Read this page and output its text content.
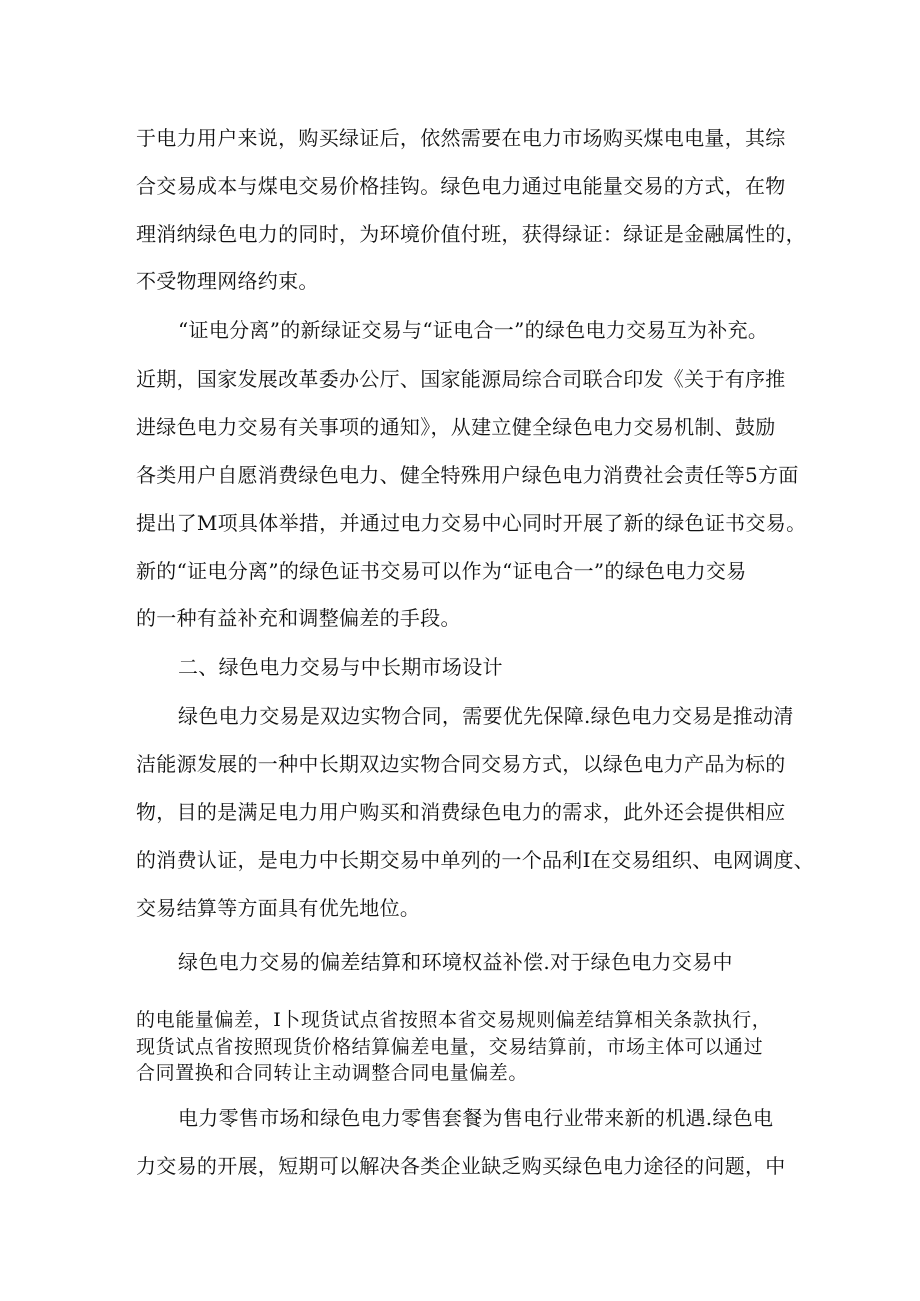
于电力用户来说，购买绿证后，依然需要在电力市场购买煤电电量，其综
合交易成本与煤电交易价格挂钩。绿色电力通过电能量交易的方式，在物
理消纳绿色电力的同时，为环境价值付班，获得绿证：绿证是金融属性的，
不受物理网络约束。
“证电分离”的新绿证交易与“证电合一”的绿色电力交易互为补充。
近期，国家发展改革委办公厅、国家能源局综合司联合印发《关于有序推
进绿色电力交易有关事项的通知》，从建立健全绿色电力交易机制、鼓励
各类用户自愿消费绿色电力、健全特殊用户绿色电力消费社会责任等5方面
提出了M项具体举措，并通过电力交易中心同时开展了新的绿色证书交易。
新的“证电分离”的绿色证书交易可以作为“证电合一”的绿色电力交易
的一种有益补充和调整偏差的手段。
二、绿色电力交易与中长期市场设计
绿色电力交易是双边实物合同，需要优先保障.绿色电力交易是推动清
洁能源发展的一种中长期双边实物合同交易方式，以绿色电力产品为标的
物，目的是满足电力用户购买和消费绿色电力的需求，此外还会提供相应
的消费认证，是电力中长期交易中单列的一个品利I在交易组织、电网调度、
交易结算等方面具有优先地位。
绿色电力交易的偏差结算和环境权益补偿.对于绿色电力交易中
的电能量偏差，I卜现货试点省按照本省交易规则偏差结算相关条款执行，
现货试点省按照现货价格结算偏差电量，交易结算前，市场主体可以通过
合同置换和合同转让主动调整合同电量偏差。
电力零售市场和绿色电力零售套餐为售电行业带来新的机遇.绿色电
力交易的开展，短期可以解决各类企业缺乏购买绿色电力途径的问题，中
